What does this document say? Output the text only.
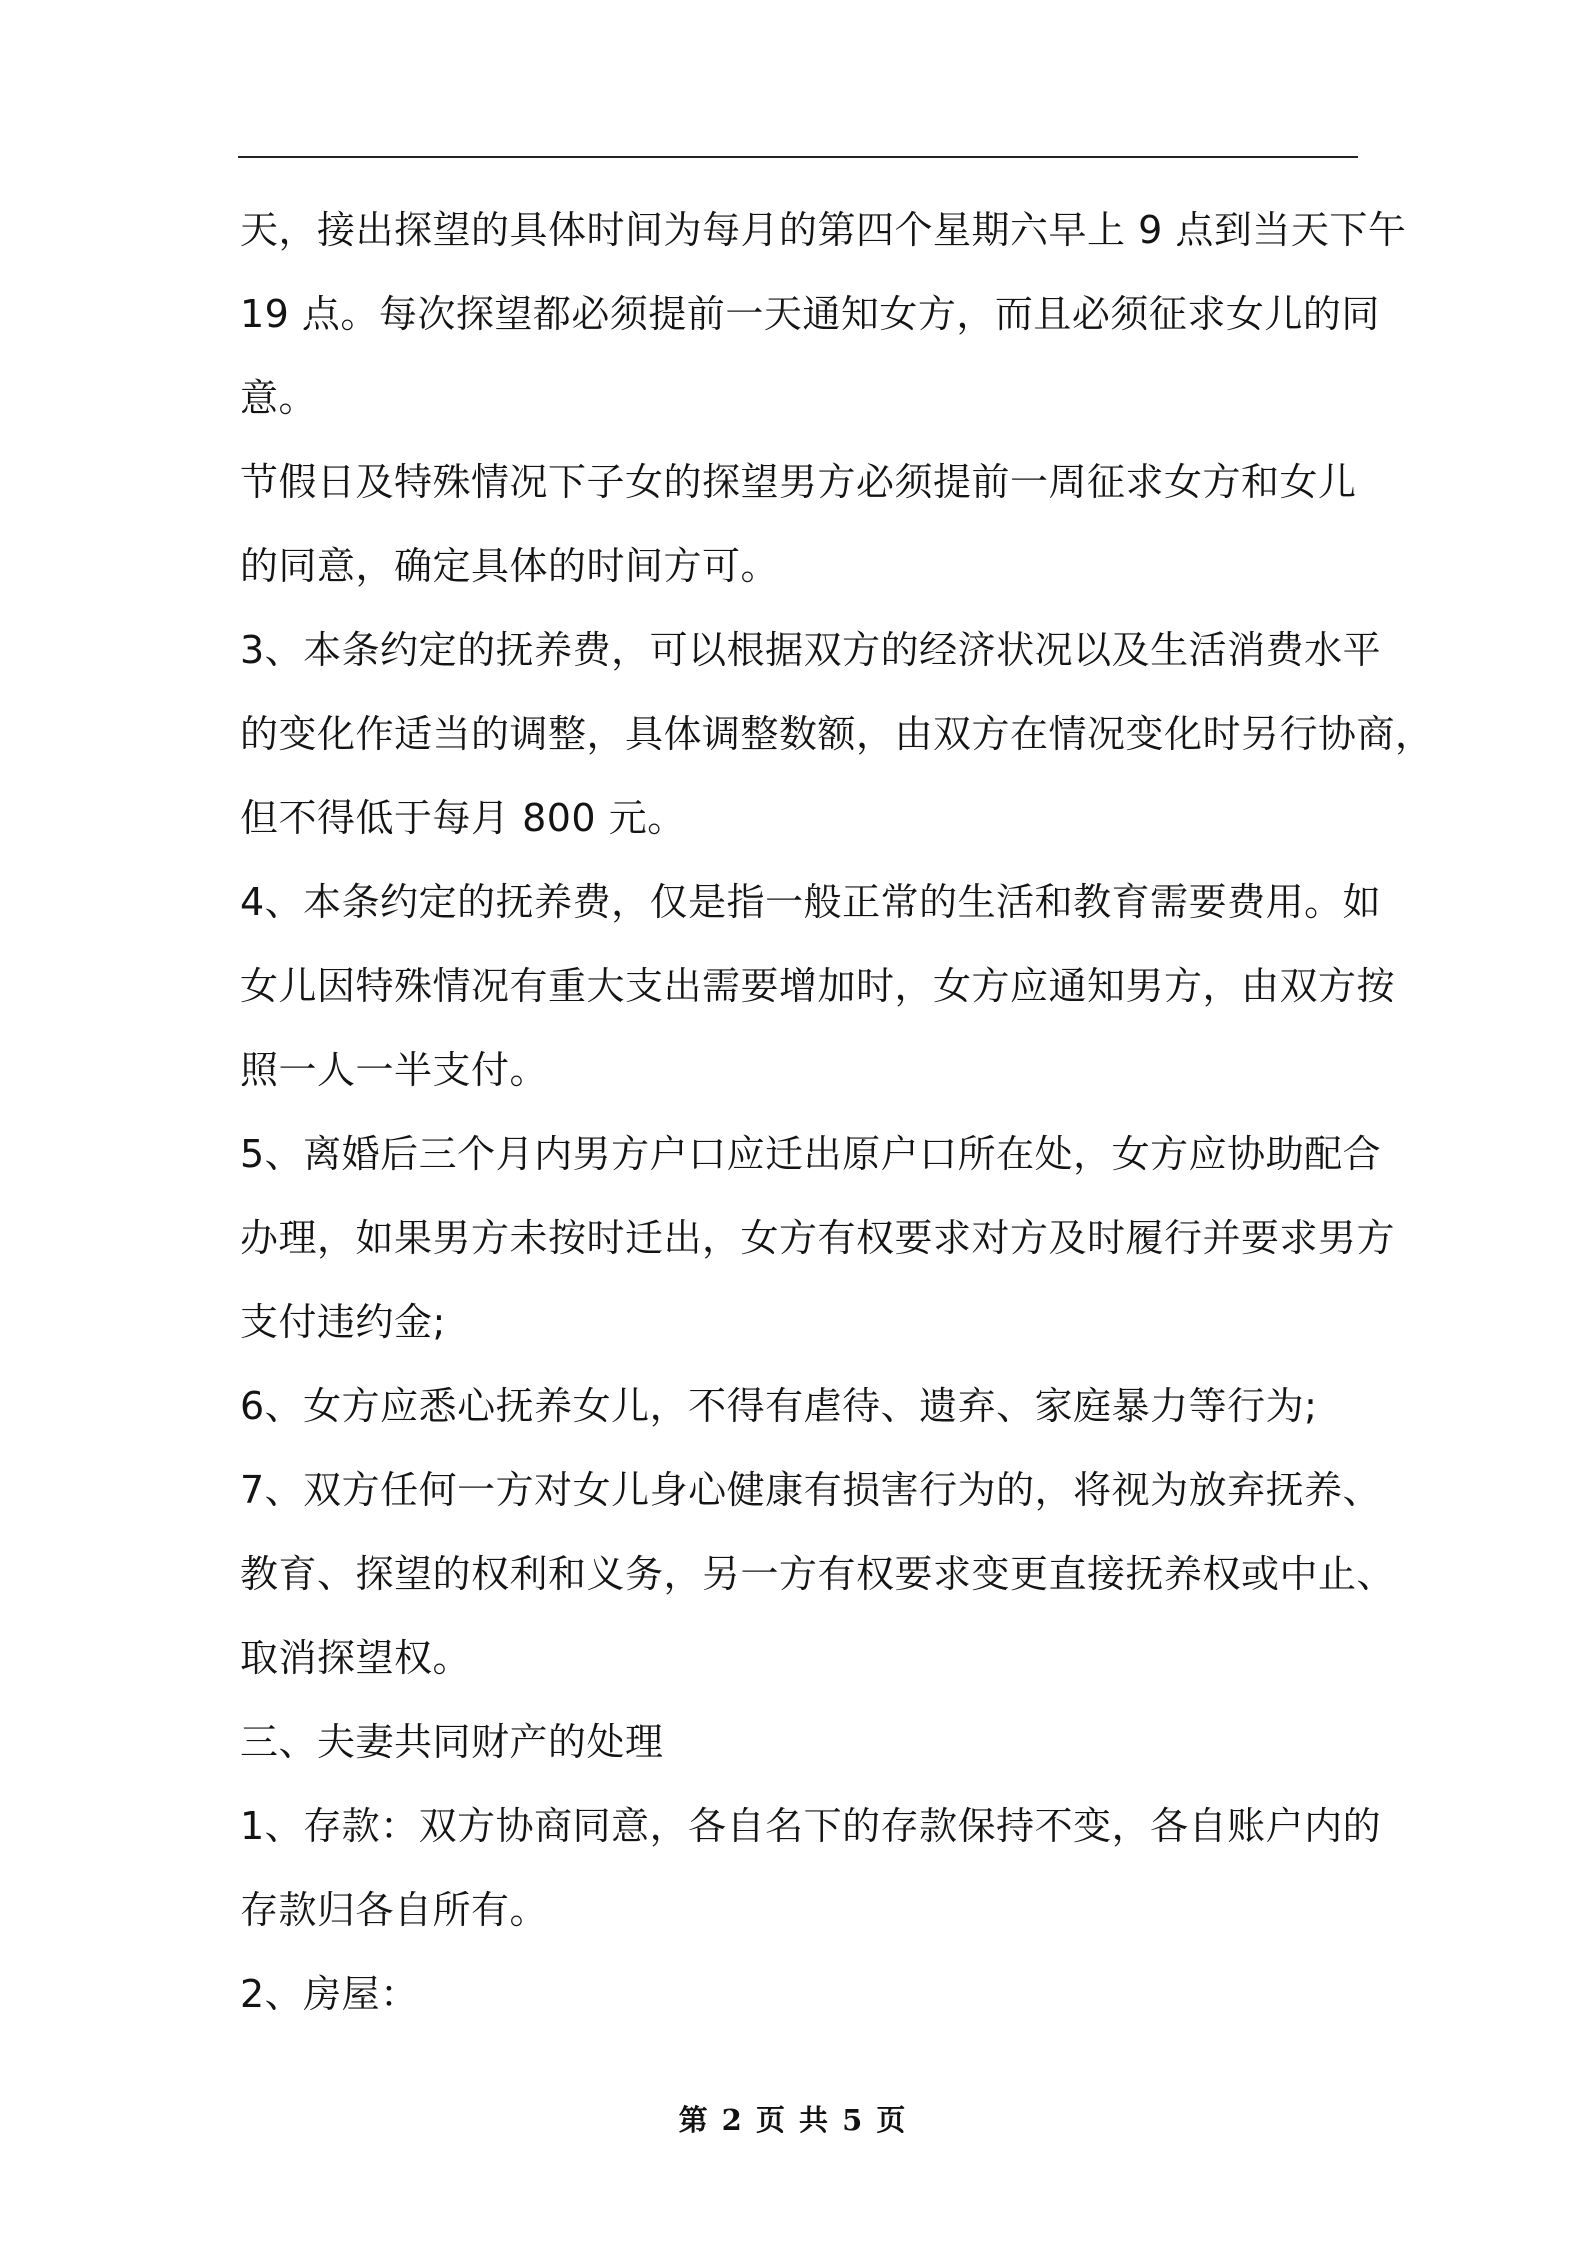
天，接出探望的具体时间为每月的第四个星期六早上 9 点到当天下午
19 点。每次探望都必须提前一天通知女方，而且必须征求女儿的同
意。
节假日及特殊情况下子女的探望男方必须提前一周征求女方和女儿
的同意，确定具体的时间方可。
3、本条约定的抚养费，可以根据双方的经济状况以及生活消费水平
的变化作适当的调整，具体调整数额，由双方在情况变化时另行协商，
但不得低于每月 800 元。
4、本条约定的抚养费，仅是指一般正常的生活和教育需要费用。如
女儿因特殊情况有重大支出需要增加时，女方应通知男方，由双方按
照一人一半支付。
5、离婚后三个月内男方户口应迁出原户口所在处，女方应协助配合
办理，如果男方未按时迁出，女方有权要求对方及时履行并要求男方
支付违约金;
6、女方应悉心抚养女儿，不得有虐待、遗弃、家庭暴力等行为;
7、双方任何一方对女儿身心健康有损害行为的，将视为放弃抚养、
教育、探望的权利和义务，另一方有权要求变更直接抚养权或中止、
取消探望权。
三、夫妻共同财产的处理
1、存款：双方协商同意，各自名下的存款保持不变，各自账户内的
存款归各自所有。
2、房屋：
第 2 页 共 5 页
